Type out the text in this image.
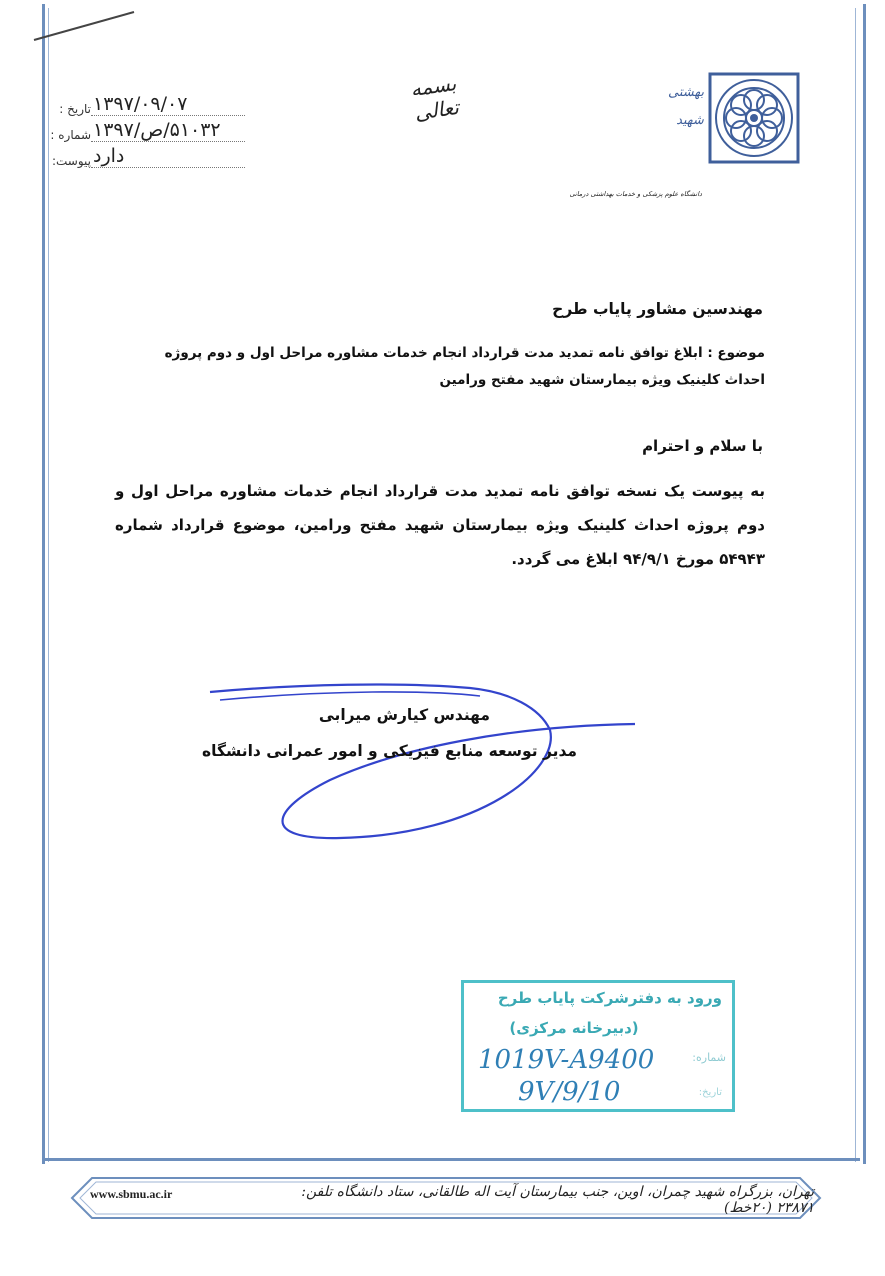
تاریخ : ۱۳۹۷/۰۹/۰۷
شماره : ۵۱۰۳۲/ص/۱۳۹۷
پیوست: دارد
بسمه تعالی
بهشتی
شهید
دانشگاه علوم پزشکی و خدمات بهداشتی درمانی
مهندسین مشاور پایاب طرح
موضوع : ابلاغ توافق نامه تمدید مدت قرارداد انجام خدمات مشاوره مراحل اول و دوم پروژه
احداث کلینیک ویژه بیمارستان شهید مفتح ورامین
با سلام و احترام
به پیوست یک نسخه توافق نامه تمدید مدت قرارداد انجام خدمات مشاوره مراحل اول و دوم پروژه احداث کلینیک ویژه بیمارستان شهید مفتح ورامین، موضوع قرارداد شماره ۵۴۹۴۳ مورخ ۹۴/۹/۱ ابلاغ می گردد.
مهندس کیارش میرابی
مدیر توسعه منابع فیزیکی و امور عمرانی دانشگاه
ورود به دفترشرکت پایاب طرح
(دبیرخانه مرکزی)
شماره:
تاریخ:
1019V-A9400
9V/9/10
تهران، بزرگراه شهید چمران، اوین، جنب بیمارستان آیت اله طالقانی، ستاد دانشگاه تلفن: ۲۳۸۷۱ (۲۰خط)
www.sbmu.ac.ir
